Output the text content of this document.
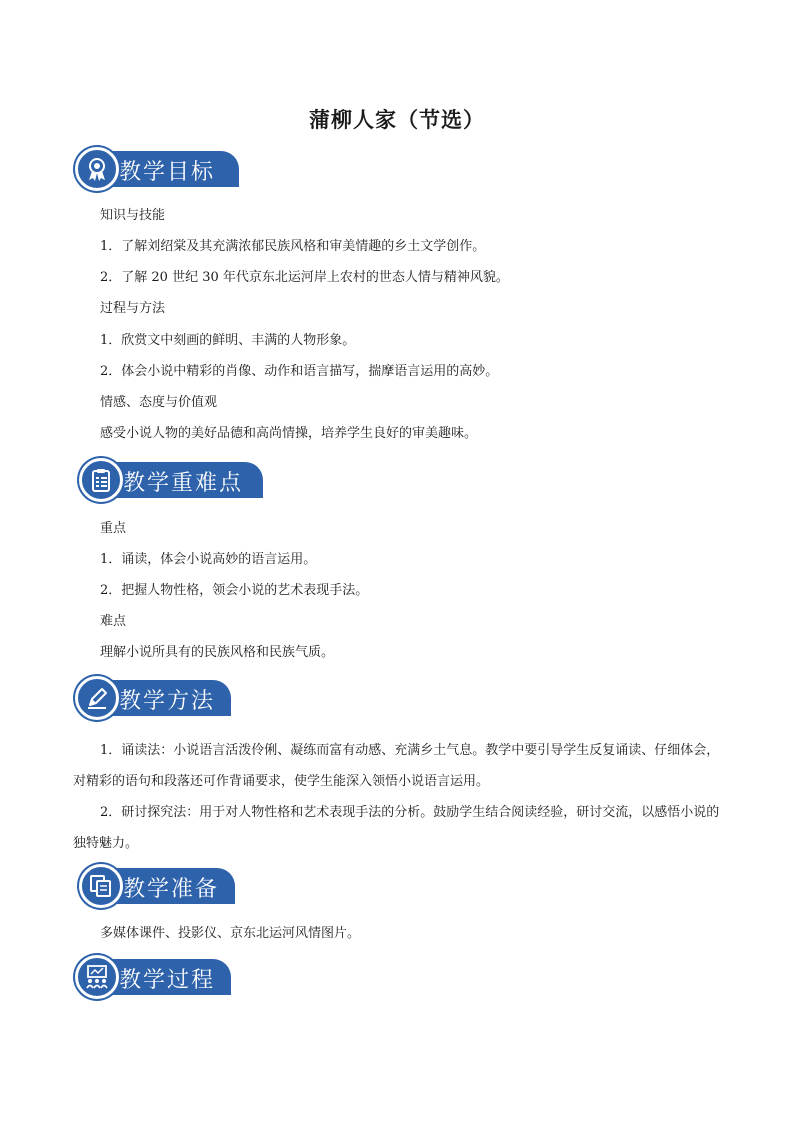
蒲柳人家（节选）
教学目标
知识与技能
1．了解刘绍棠及其充满浓郁民族风格和审美情趣的乡土文学创作。
2．了解 20 世纪 30 年代京东北运河岸上农村的世态人情与精神风貌。
过程与方法
1．欣赏文中刻画的鲜明、丰满的人物形象。
2．体会小说中精彩的肖像、动作和语言描写，揣摩语言运用的高妙。
情感、态度与价值观
感受小说人物的美好品德和高尚情操，培养学生良好的审美趣味。
教学重难点
重点
1．诵读，体会小说高妙的语言运用。
2．把握人物性格，领会小说的艺术表现手法。
难点
理解小说所具有的民族风格和民族气质。
教学方法
1．诵读法：小说语言活泼伶俐、凝练而富有动感、充满乡土气息。教学中要引导学生反复诵读、仔细体会，对精彩的语句和段落还可作背诵要求，使学生能深入领悟小说语言运用。
2．研讨探究法：用于对人物性格和艺术表现手法的分析。鼓励学生结合阅读经验，研讨交流，以感悟小说的独特魅力。
教学准备
多媒体课件、投影仪、京东北运河风情图片。
教学过程
